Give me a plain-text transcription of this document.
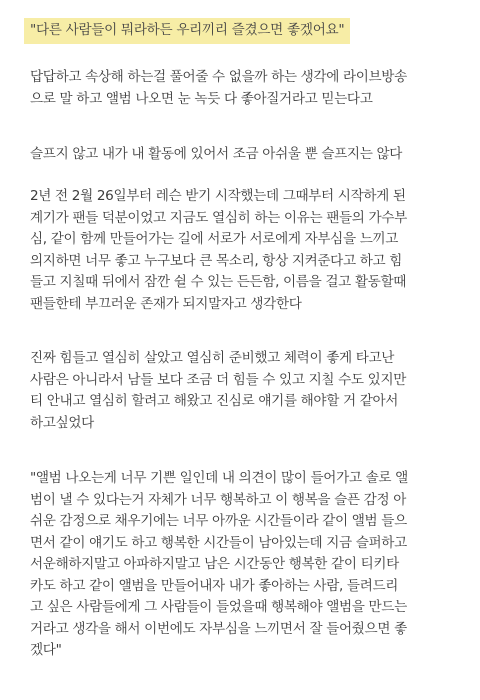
"다른 사람들이 뭐라하든 우리끼리 즐겼으면 좋겠어요"

답답하고 속상해 하는걸 풀어줄 수 없을까 하는 생각에 라이브방송
으로 말 하고 앨범 나오면 눈 녹듯 다 좋아질거라고 믿는다고

슬프지 않고 내가 내 활동에 있어서 조금 아쉬울 뿐 슬프지는 않다

2년 전 2월 26일부터 레슨 받기 시작했는데 그때부터 시작하게 된
계기가 팬들 덕분이었고 지금도 열심히 하는 이유는 팬들의 가수부
심, 같이 함께 만들어가는 길에 서로가 서로에게 자부심을 느끼고
의지하면 너무 좋고 누구보다 큰 목소리, 항상 지켜준다고 하고 힘
들고 지칠때 뒤에서 잠깐 쉴 수 있는 든든함, 이름을 걸고 활동할때
팬들한테 부끄러운 존재가 되지말자고 생각한다

진짜 힘들고 열심히 살았고 열심히 준비했고 체력이 좋게 타고난
사람은 아니라서 남들 보다 조금 더 힘들 수 있고 지칠 수도 있지만
티 안내고 열심히 할려고 해왔고 진심로 얘기를 해야할 거 같아서
하고싶었다

"앨범 나오는게 너무 기쁜 일인데 내 의견이 많이 들어가고 솔로 앨
범이 낼 수 있다는거 자체가 너무 행복하고 이 행복을 슬픈 감정 아
쉬운 감정으로 채우기에는 너무 아까운 시간들이라 같이 앨범 들으
면서 같이 얘기도 하고 행복한 시간들이 남아있는데 지금 슬퍼하고
서운해하지말고 아파하지말고 남은 시간동안 행복한 같이 티키타
카도 하고 같이 앨범을 만들어내자 내가 좋아하는 사람, 들려드리
고 싶은 사람들에게 그 사람들이 들었을때 행복해야 앨범을 만드는
거라고 생각을 해서 이번에도 자부심을 느끼면서 잘 들어줬으면 좋
겠다"
